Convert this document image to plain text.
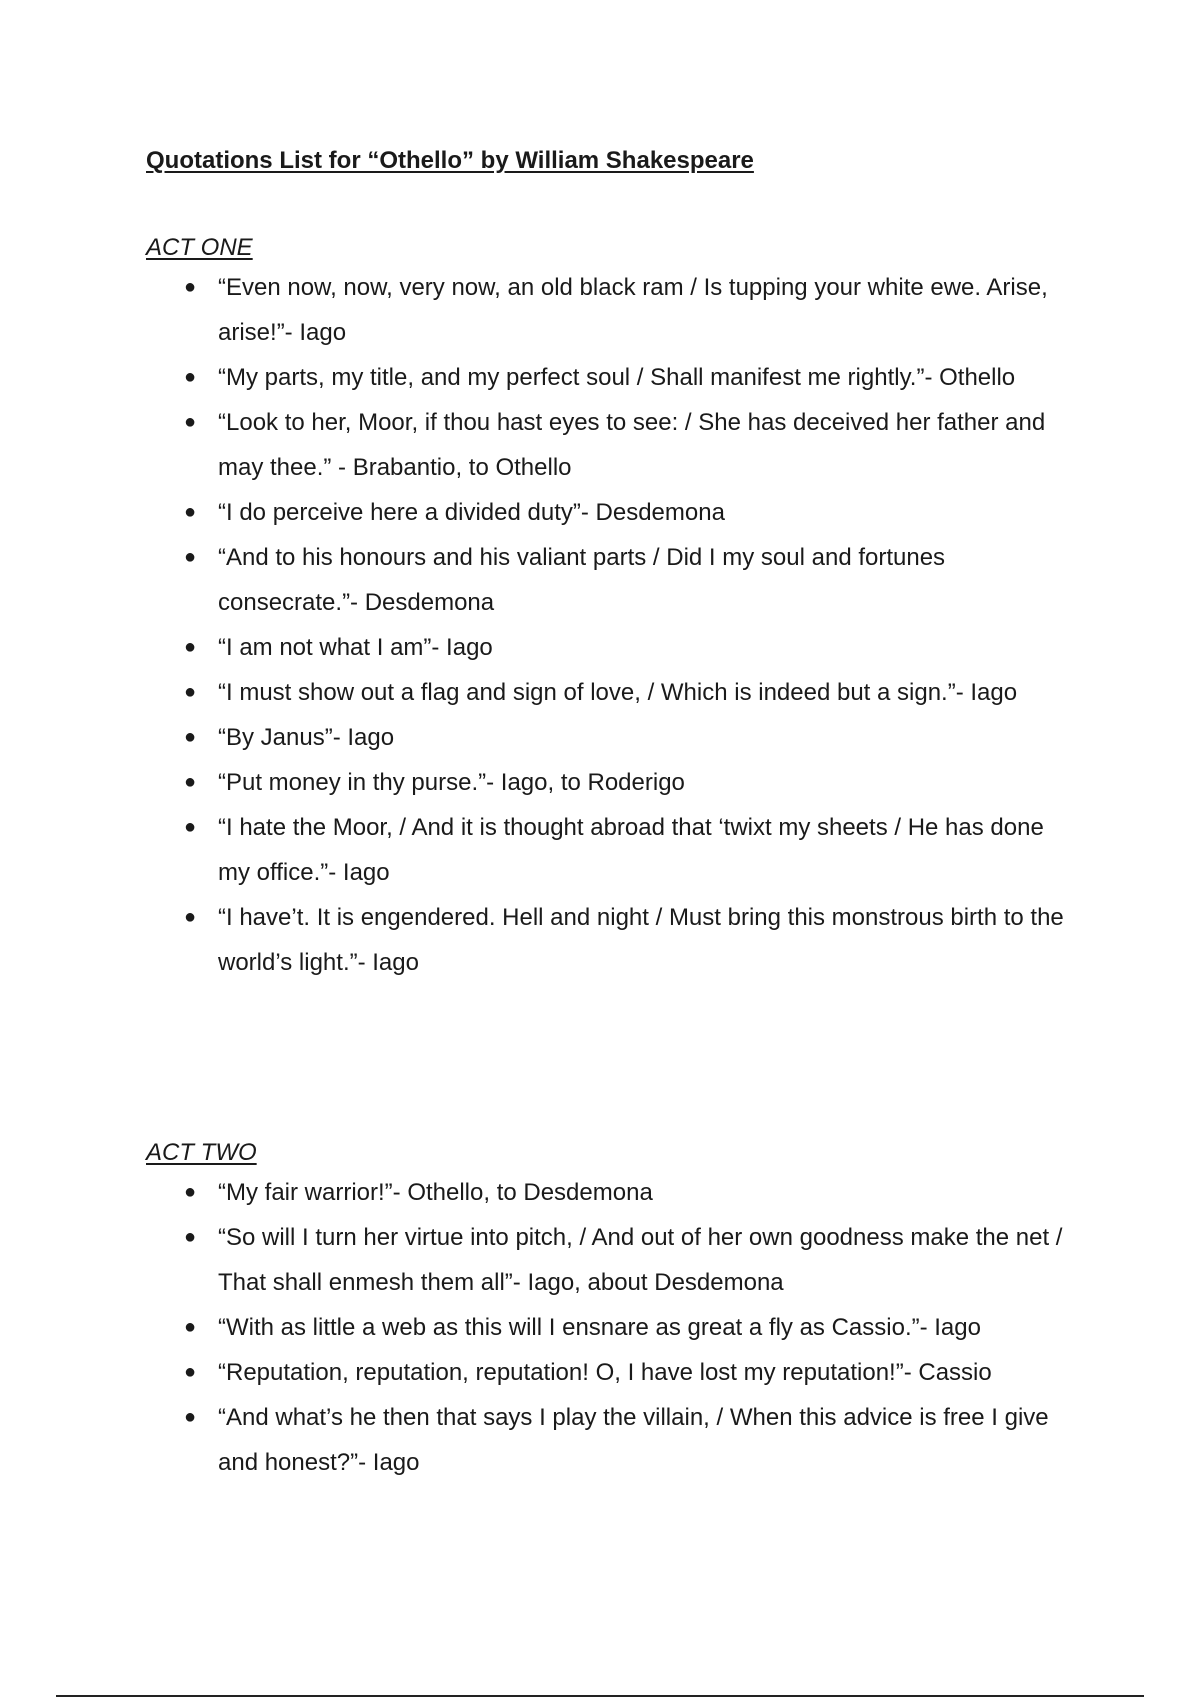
Quotations List for “Othello” by William Shakespeare
ACT ONE
● “Even now, now, very now, an old black ram / Is tupping your white ewe. Arise, arise!”- Iago
● “My parts, my title, and my perfect soul / Shall manifest me rightly.”- Othello
● “Look to her, Moor, if thou hast eyes to see: / She has deceived her father and may thee.” - Brabantio, to Othello
● “I do perceive here a divided duty”- Desdemona
● “And to his honours and his valiant parts / Did I my soul and fortunes consecrate.”- Desdemona
● “I am not what I am”- Iago
● “I must show out a flag and sign of love, / Which is indeed but a sign.”- Iago
● “By Janus”- Iago
● “Put money in thy purse.”- Iago, to Roderigo
● “I hate the Moor, / And it is thought abroad that ‘twixt my sheets / He has done my office.”- Iago
● “I have’t. It is engendered. Hell and night / Must bring this monstrous birth to the world’s light.”- Iago
ACT TWO
● “My fair warrior!”- Othello, to Desdemona
● “So will I turn her virtue into pitch, / And out of her own goodness make the net / That shall enmesh them all”- Iago, about Desdemona
● “With as little a web as this will I ensnare as great a fly as Cassio.”- Iago
● “Reputation, reputation, reputation! O, I have lost my reputation!”- Cassio
● “And what’s he then that says I play the villain, / When this advice is free I give and honest?”- Iago
